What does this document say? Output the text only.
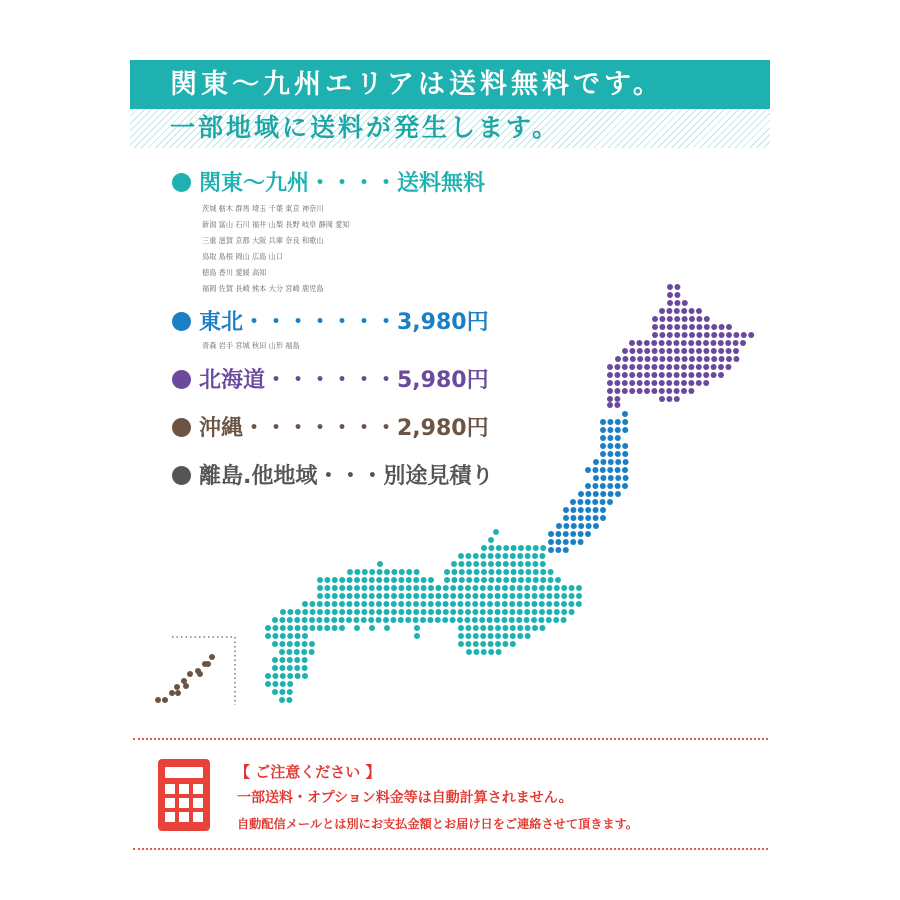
関東〜九州エリアは送料無料です。
一部地域に送料が発生します。
関東〜九州・・・・送料無料
茨城 栃木 群馬 埼玉 千葉 東京 神奈川
新潟 富山 石川 福井 山梨 長野 岐阜 静岡 愛知
三重 滋賀 京都 大阪 兵庫 奈良 和歌山
鳥取 島根 岡山 広島 山口
徳島 香川 愛媛 高知
福岡 佐賀 長崎 熊本 大分 宮崎 鹿児島
東北・・・・・・・3,980円
青森 岩手 宮城 秋田 山形 福島
北海道・・・・・・5,980円
沖縄・・・・・・・2,980円
離島.他地域・・・別途見積り
【 ご注意ください 】
一部送料・オプション料金等は自動計算されません。
自動配信メールとは別にお支払金額とお届け日をご連絡させて頂きます。
